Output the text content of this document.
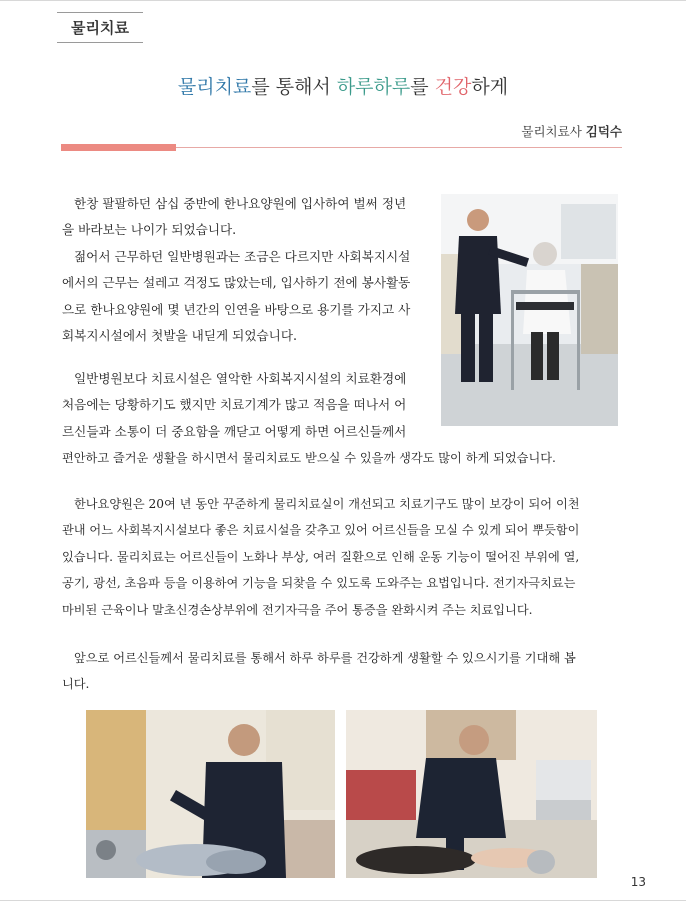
물리치료
물리치료를 통해서 하루하루를 건강하게
물리치료사 김덕수
한창 팔팔하던 삼십 중반에 한나요양원에 입사하여 벌써 정년
을 바라보는 나이가 되었습니다.
젊어서 근무하던 일반병원과는 조금은 다르지만 사회복지시설
에서의 근무는 설레고 걱정도 많았는데, 입사하기 전에 봉사활동
으로 한나요양원에 몇 년간의 인연을 바탕으로 용기를 가지고 사
회복지시설에서 첫발을 내딛게 되었습니다.
일반병원보다 치료시설은 열악한 사회복지시설의 치료환경에
처음에는 당황하기도 했지만 치료기계가 많고 적음을 떠나서 어
르신들과 소통이 더 중요함을 깨닫고 어떻게 하면 어르신들께서
편안하고 즐거운 생활을 하시면서 물리치료도 받으실 수 있을까 생각도 많이 하게 되었습니다.
한나요양원은 20여 년 동안 꾸준하게 물리치료실이 개선되고 치료기구도 많이 보강이 되어 이천
관내 어느 사회복지시설보다 좋은 치료시설을 갖추고 있어 어르신들을 모실 수 있게 되어 뿌듯함이
있습니다. 물리치료는 어르신들이 노화나 부상, 여러 질환으로 인해 운동 기능이 떨어진 부위에 열,
공기, 광선, 초음파 등을 이용하여 기능을 되찾을 수 있도록 도와주는 요법입니다. 전기자극치료는
마비된 근육이나 말초신경손상부위에 전기자극을 주어 통증을 완화시켜 주는 치료입니다.
앞으로 어르신들께서 물리치료를 통해서 하루 하루를 건강하게 생활할 수 있으시기를 기대해 봅
니다.
13
